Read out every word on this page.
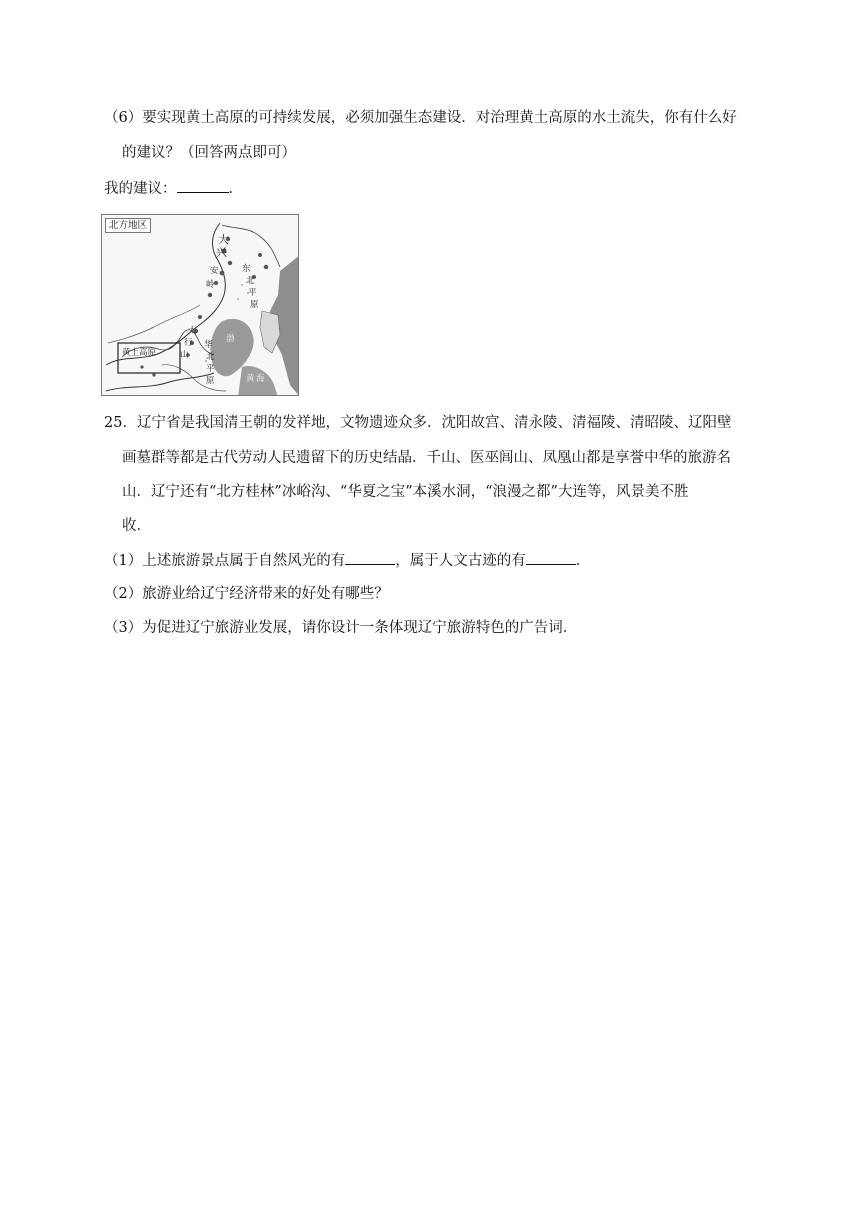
（6）要实现黄土高原的可持续发展，必须加强生态建设．对治理黄土高原的水土流失，你有什么好
的建议？（回答两点即可）
我的建议：	．
北方地区
大
兴
安
岭
东
北
平
原
太
行
山
华
北
平
原
黄土高原
渤
黄 海
25．辽宁省是我国清王朝的发祥地，文物遗迹众多．沈阳故宫、清永陵、清福陵、清昭陵、辽阳壁
画墓群等都是古代劳动人民遗留下的历史结晶．千山、医巫闾山、凤凰山都是享誉中华的旅游名
山．辽宁还有“北方桂林”冰峪沟、“华夏之宝”本溪水洞，“浪漫之都”大连等，风景美不胜
收．
（1）上述旅游景点属于自然风光的有	，属于人文古迹的有	．
（2）旅游业给辽宁经济带来的好处有哪些？
（3）为促进辽宁旅游业发展，请你设计一条体现辽宁旅游特色的广告词．
